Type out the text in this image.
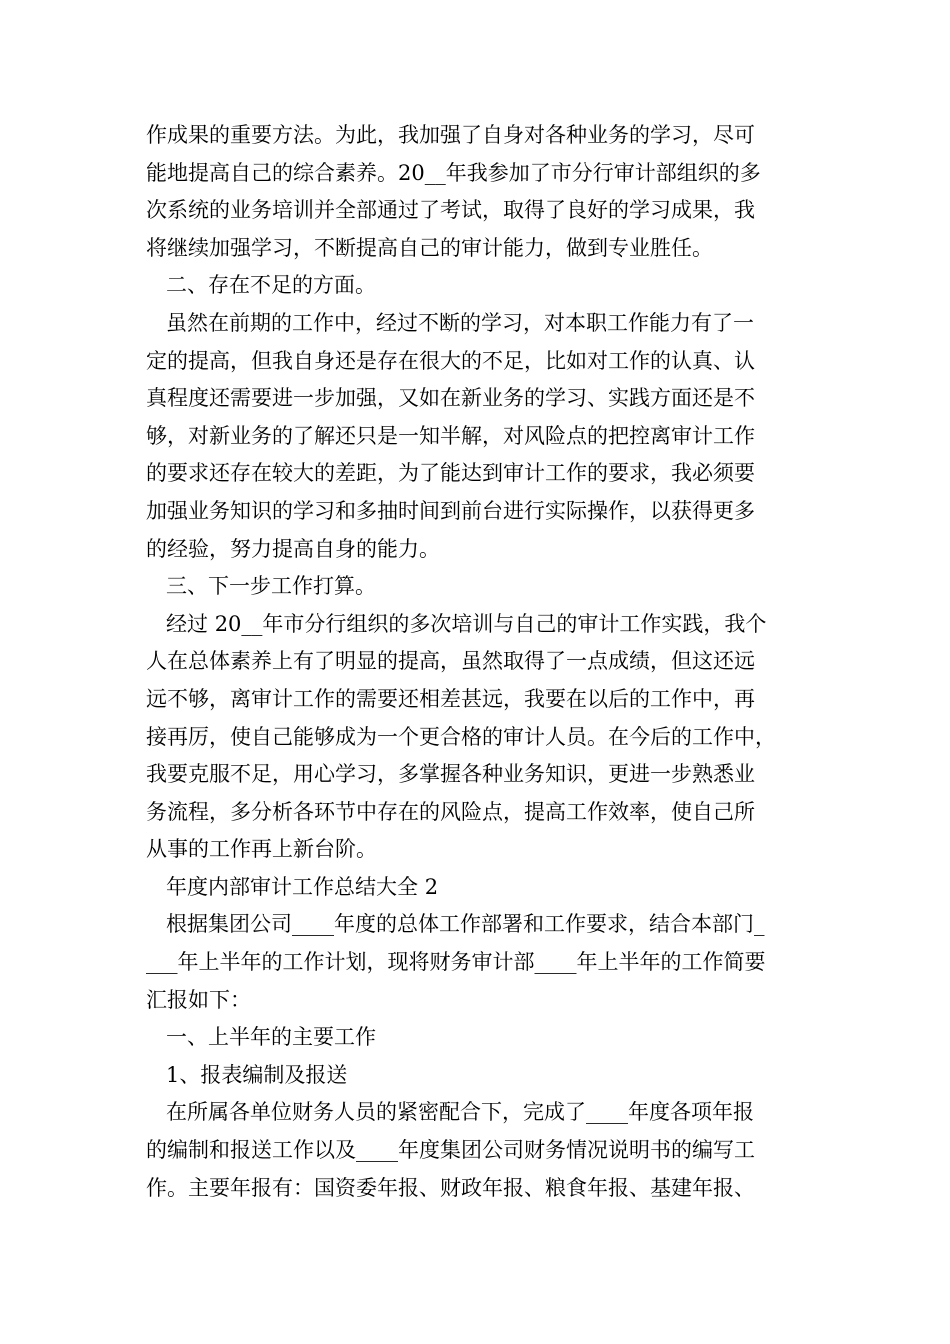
作成果的重要方法。为此，我加强了自身对各种业务的学习，尽可
能地提高自己的综合素养。20__年我参加了市分行审计部组织的多
次系统的业务培训并全部通过了考试，取得了良好的学习成果，我
将继续加强学习，不断提高自己的审计能力，做到专业胜任。
二、存在不足的方面。
虽然在前期的工作中，经过不断的学习，对本职工作能力有了一
定的提高，但我自身还是存在很大的不足，比如对工作的认真、认
真程度还需要进一步加强，又如在新业务的学习、实践方面还是不
够，对新业务的了解还只是一知半解，对风险点的把控离审计工作
的要求还存在较大的差距，为了能达到审计工作的要求，我必须要
加强业务知识的学习和多抽时间到前台进行实际操作，以获得更多
的经验，努力提高自身的能力。
三、下一步工作打算。
经过 20__年市分行组织的多次培训与自己的审计工作实践，我个
人在总体素养上有了明显的提高，虽然取得了一点成绩，但这还远
远不够，离审计工作的需要还相差甚远，我要在以后的工作中，再
接再厉，使自己能够成为一个更合格的审计人员。在今后的工作中，
我要克服不足，用心学习，多掌握各种业务知识，更进一步熟悉业
务流程，多分析各环节中存在的风险点，提高工作效率，使自己所
从事的工作再上新台阶。
年度内部审计工作总结大全 2
根据集团公司____年度的总体工作部署和工作要求，结合本部门_
___年上半年的工作计划，现将财务审计部____年上半年的工作简要
汇报如下：
一、上半年的主要工作
1、报表编制及报送
在所属各单位财务人员的紧密配合下，完成了____年度各项年报
的编制和报送工作以及____年度集团公司财务情况说明书的编写工
作。主要年报有：国资委年报、财政年报、粮食年报、基建年报、
